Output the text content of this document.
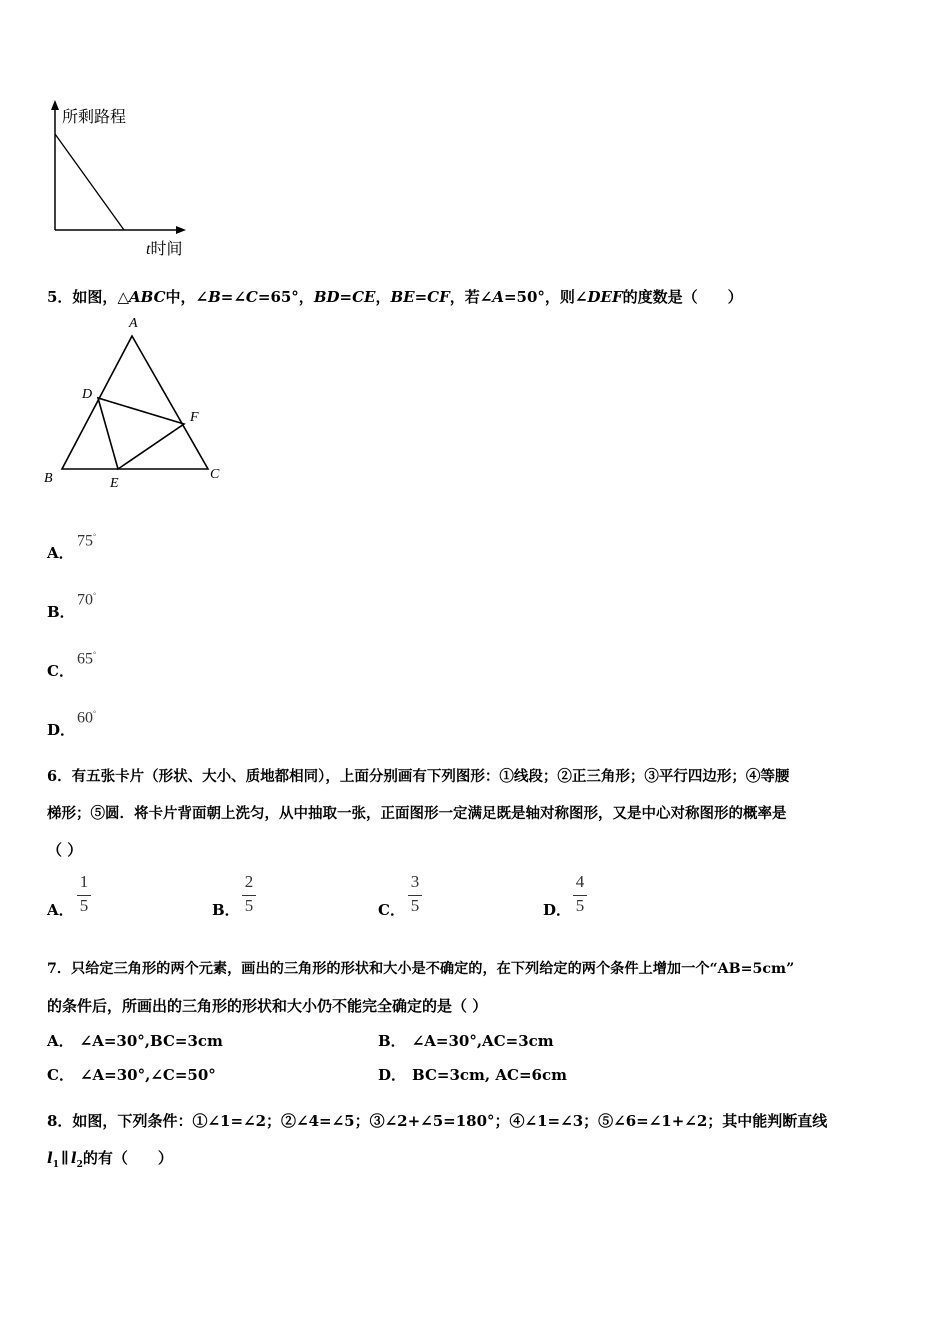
所剩路程
t时间
5．如图，△ABC中，∠B=∠C=65°，BD=CE，BE=CF，若∠A=50°，则∠DEF的度数是（　　）
A
D
F
B	E
C
A．
75°
B．
70°
C．
65°
D．
60°
6．有五张卡片（形状、大小、质地都相同），上面分别画有下列图形：①线段；②正三角形；③平行四边形；④等腰
梯形；⑤圆．将卡片背面朝上洗匀，从中抽取一张，正面图形一定满足既是轴对称图形，又是中心对称图形的概率是
（ ）
A．
1
5	B．
2
5	C．
3
5	D．
4
5
7．只给定三角形的两个元素，画出的三角形的形状和大小是不确定的，在下列给定的两个条件上增加一个“AB=5cm”
的条件后，所画出的三角形的形状和大小仍不能完全确定的是（ ）
A． ∠A=30°,BC=3cm	B． ∠A=30°,AC=3cm
C． ∠A=30°,∠C=50°	D． BC=3cm, AC=6cm
8．如图，下列条件：①∠1=∠2；②∠4=∠5；③∠2+∠5=180°；④∠1=∠3；⑤∠6=∠1+∠2；其中能判断直线
$l_1$ ∥ $l_2$的有（　　）
